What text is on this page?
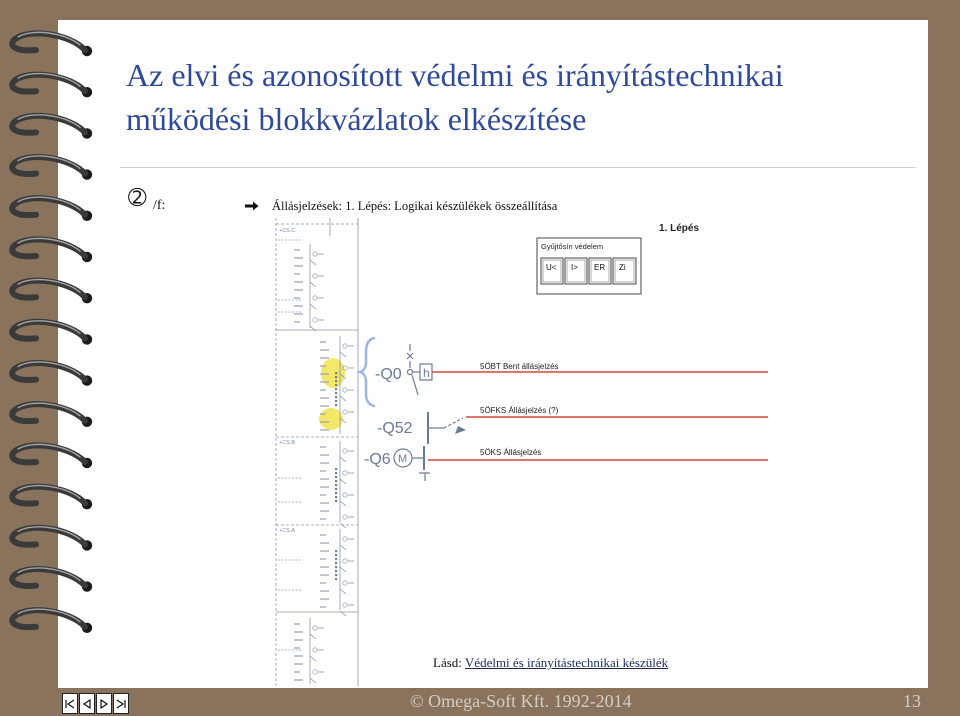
Az elvi és azonosított védelmi és irányítástechnikai
működési blokkvázlatok elkészítése
➁ /f:	Állásjelzések: 1. Lépés: Logikai készülékek összeállítása
+CS.C
+CS.B
+CS.A
1. Lépés
Gyűjtősín védelem
U< I> ER Zi
-Q0 h	5ÖBT Bent állásjelzés
-Q52
5ÖFKS Állásjelzés (?)
-Q6 M
5ÖKS Állásjelzés
Lásd: Védelmi és irányítástechnikai készülék
© Omega-Soft Kft. 1992-2014	13
